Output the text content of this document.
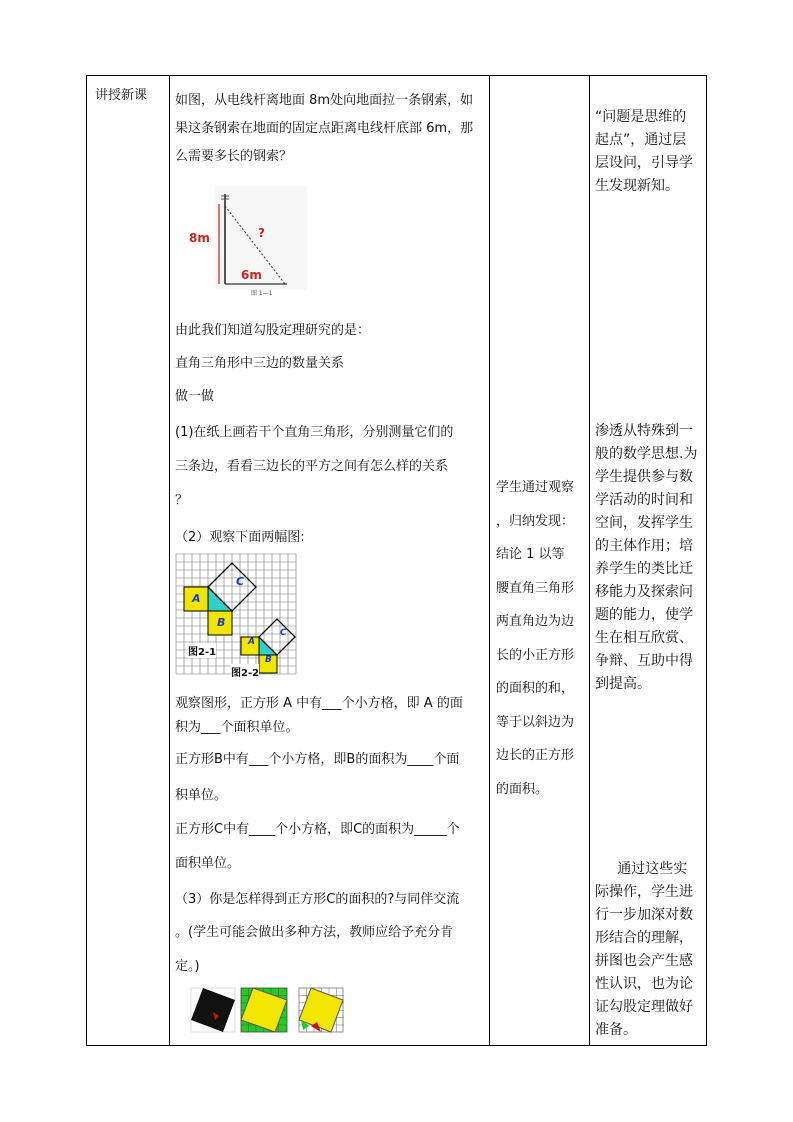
讲授新课 如图，从电线杆离地面 8m处向地面拉一条钢索，如
果这条钢索在地面的固定点距离电线杆底部 6m，那
么需要多长的钢索？
8m	?
6m
图 1—1
由此我们知道勾股定理研究的是：
直角三角形中三边的数量关系
做一做
(1)在纸上画若干个直角三角形，分别测量它们的
三条边，看看三边长的平方之间有怎么样的关系
？
（2）观察下面两幅图:
A
B
C
A
B
C
图2-1
图2-2
观察图形，正方形 A 中有___个小方格，即 A 的面
积为___个面积单位。
正方形B中有___个小方格，即B的面积为____个面
积单位。
正方形C中有____个小方格，即C的面积为_____个
面积单位。
（3）你是怎样得到正方形C的面积的?与同伴交流
。(学生可能会做出多种方法，教师应给予充分肯
定。)
学生通过观察
，归纳发现：
结论 1 以等
腰直角三角形
两直角边为边
长的小正方形
的面积的和，
等于以斜边为
边长的正方形
的面积。
“问题是思维的
起点”，通过层
层设问，引导学
生发现新知。
渗透从特殊到一
般的数学思想.为
学生提供参与数
学活动的时间和
空间，发挥学生
的主体作用；培
养学生的类比迁
移能力及探索问
题的能力，使学
生在相互欣赏、
争辩、互助中得
到提高。
通过这些实
际操作，学生进
行一步加深对数
形结合的理解，
拼图也会产生感
性认识，也为论
证勾股定理做好
准备。
